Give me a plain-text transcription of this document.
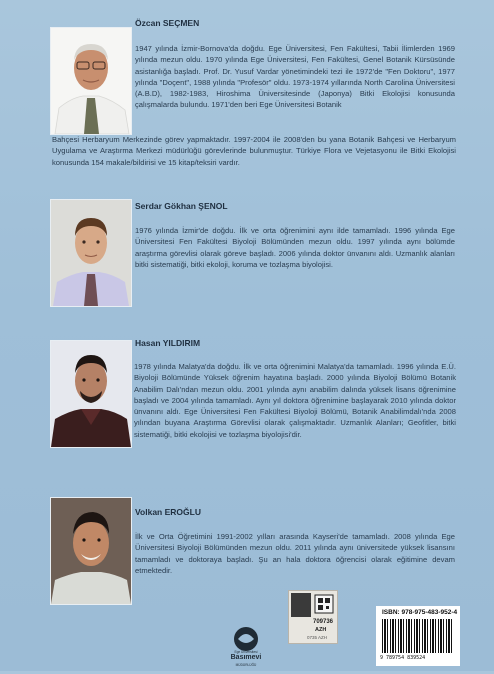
Özcan SEÇMEN
1947 yılında İzmir-Bornova'da doğdu. Ege Üniversitesi, Fen Fakültesi, Tabii İlimlerden 1969 yılında mezun oldu. 1970 yılında Ege Üniversitesi, Fen Fakültesi, Genel Botanik Kürsüsünde asistanlığa başladı. Prof. Dr. Yusuf Vardar yönetimindeki tezi ile 1972'de "Fen Doktoru", 1977 yılında "Doçent", 1988 yılında "Profesör" oldu. 1973-1974 yıllarında North Carolina Üniversitesi (A.B.D), 1982-1983, Hiroshima Üniversitesinde (Japonya) Bitki Ekolojisi konusunda çalışmalarda bulundu. 1971'den beri Ege Üniversitesi Botanik
Bahçesi Herbaryum Merkezinde görev yapmaktadır. 1997-2004 ile 2008'den bu yana Botanik Bahçesi ve Herbaryum Uygulama ve Araştırma Merkezi müdürlüğü görevlerinde bulunmuştur. Türkiye Flora ve Vejetasyonu ile Bitki Ekolojisi konusunda 154 makale/bildirisi ve 15 kitap/teksiri vardır.
Serdar Gökhan ŞENOL
1976 yılında İzmir'de doğdu. İlk ve orta öğrenimini aynı ilde tamamladı. 1996 yılında Ege Üniversitesi Fen Fakültesi Biyoloji Bölümünden mezun oldu. 1997 yılında aynı bölümde araştırma görevlisi olarak göreve başladı. 2006 yılında doktor ünvanını aldı. Uzmanlık alanları bitki sistematiği, bitki ekoloji, koruma ve tozlaşma biyolojisi.
Hasan YILDIRIM
1978 yılında Malatya'da doğdu. İlk ve orta öğrenimini Malatya'da tamamladı. 1996 yılında E.Ü. Biyoloji Bölümünde Yüksek öğrenim hayatına başladı. 2000 yılında Biyoloji Bölümü Botanik Anabilim Dalı'ndan mezun oldu. 2001 yılında aynı anabilim dalında yüksek lisans öğrenimine başladı ve 2004 yılında tamamladı. Aynı yıl doktora öğrenimine başlayarak 2010 yılında doktor ünvanını aldı. Ege Üniversitesi Fen Fakültesi Biyoloji Bölümü, Botanik Anabilimdalı'nda 2008 yılından buyana Araştırma Görevlisi olarak çalışmaktadır. Uzmanlık Alanları; Geofitler, bitki sistematiği, bitki ekolojisi ve tozlaşma biyolojisi'dir.
Volkan EROĞLU
İlk ve Orta Öğretimini 1991-2002 yılları arasında Kayseri'de tamamladı. 2008 yılında Ege Üniversitesi Biyoloji Bölümünden mezun oldu. 2011 yılında aynı üniversitede yüksek lisansını tamamladı ve doktoraya başladı. Şu an hala doktora öğrencisi olarak eğitimine devam etmektedir.
Ege Üniversitesi
Basımevi
MÜDÜRLÜĞÜ
709736
AZH
0735 AZH
ISBN: 978-975-483-952-4
9 789754 839524
